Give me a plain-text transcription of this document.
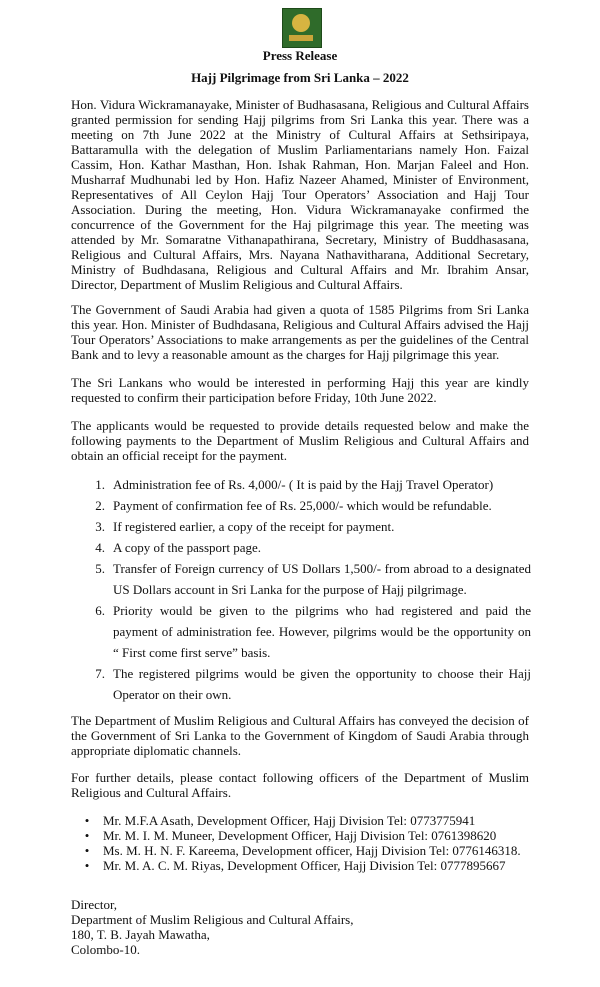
Press Release
Hajj Pilgrimage from Sri Lanka – 2022

Hon. Vidura Wickramanayake, Minister of Budhasasana, Religious and Cultural Affairs granted permission for sending Hajj pilgrims from Sri Lanka this year. There was a meeting on 7th June 2022 at the Ministry of Cultural Affairs at Sethsiripaya, Battaramulla with the delegation of Muslim Parliamentarians namely Hon. Faizal Cassim, Hon. Kathar Masthan, Hon. Ishak Rahman, Hon. Marjan Faleel and Hon. Musharraf Mudhunabi led by Hon. Hafiz Nazeer Ahamed, Minister of Environment, Representatives of All Ceylon Hajj Tour Operators’ Association and Hajj Tour Association. During the meeting, Hon. Vidura Wickramanayake confirmed the concurrence of the Government for the Haj pilgrimage this year. The meeting was attended by Mr. Somaratne Vithanapathirana, Secretary, Ministry of Buddhasasana, Religious and Cultural Affairs, Mrs. Nayana Nathavitharana, Additional Secretary, Ministry of Budhdasana, Religious and Cultural Affairs and Mr. Ibrahim Ansar, Director, Department of Muslim Religious and Cultural Affairs.

The Government of Saudi Arabia had given a quota of 1585 Pilgrims from Sri Lanka this year. Hon. Minister of Budhdasana, Religious and Cultural Affairs advised the Hajj Tour Operators’ Associations to make arrangements as per the guidelines of the Central Bank and to levy a reasonable amount as the charges for Hajj pilgrimage this year.

The Sri Lankans who would be interested in performing Hajj this year are kindly requested to confirm their participation before Friday, 10th June 2022.

The applicants would be requested to provide details requested below and make the following payments to the Department of Muslim Religious and Cultural Affairs and obtain an official receipt for the payment.

1. Administration fee of Rs. 4,000/- ( It is paid by the Hajj Travel Operator)
2. Payment of confirmation fee of Rs. 25,000/- which would be refundable.
3. If registered earlier, a copy of the receipt for payment.
4. A copy of the passport page.
5. Transfer of Foreign currency of US Dollars 1,500/- from abroad to a designated US Dollars account in Sri Lanka for the purpose of Hajj pilgrimage.
6. Priority would be given to the pilgrims who had registered and paid the payment of administration fee. However, pilgrims would be the opportunity on “ First come first serve” basis.
7. The registered pilgrims would be given the opportunity to choose their Hajj Operator on their own.

The Department of Muslim Religious and Cultural Affairs has conveyed the decision of the Government of Sri Lanka to the Government of Kingdom of Saudi Arabia through appropriate diplomatic channels.

For further details, please contact following officers of the Department of Muslim Religious and Cultural Affairs.

•	Mr. M.F.A Asath, Development Officer, Hajj Division Tel: 0773775941
•	Mr. M. I. M. Muneer, Development Officer, Hajj Division Tel: 0761398620
•	Ms. M. H. N. F. Kareema, Development officer, Hajj Division Tel: 0776146318.
•	Mr. M. A. C. M. Riyas, Development Officer, Hajj Division Tel: 0777895667
Director,
Department of Muslim Religious and Cultural Affairs,
180, T. B. Jayah Mawatha,
Colombo-10.
